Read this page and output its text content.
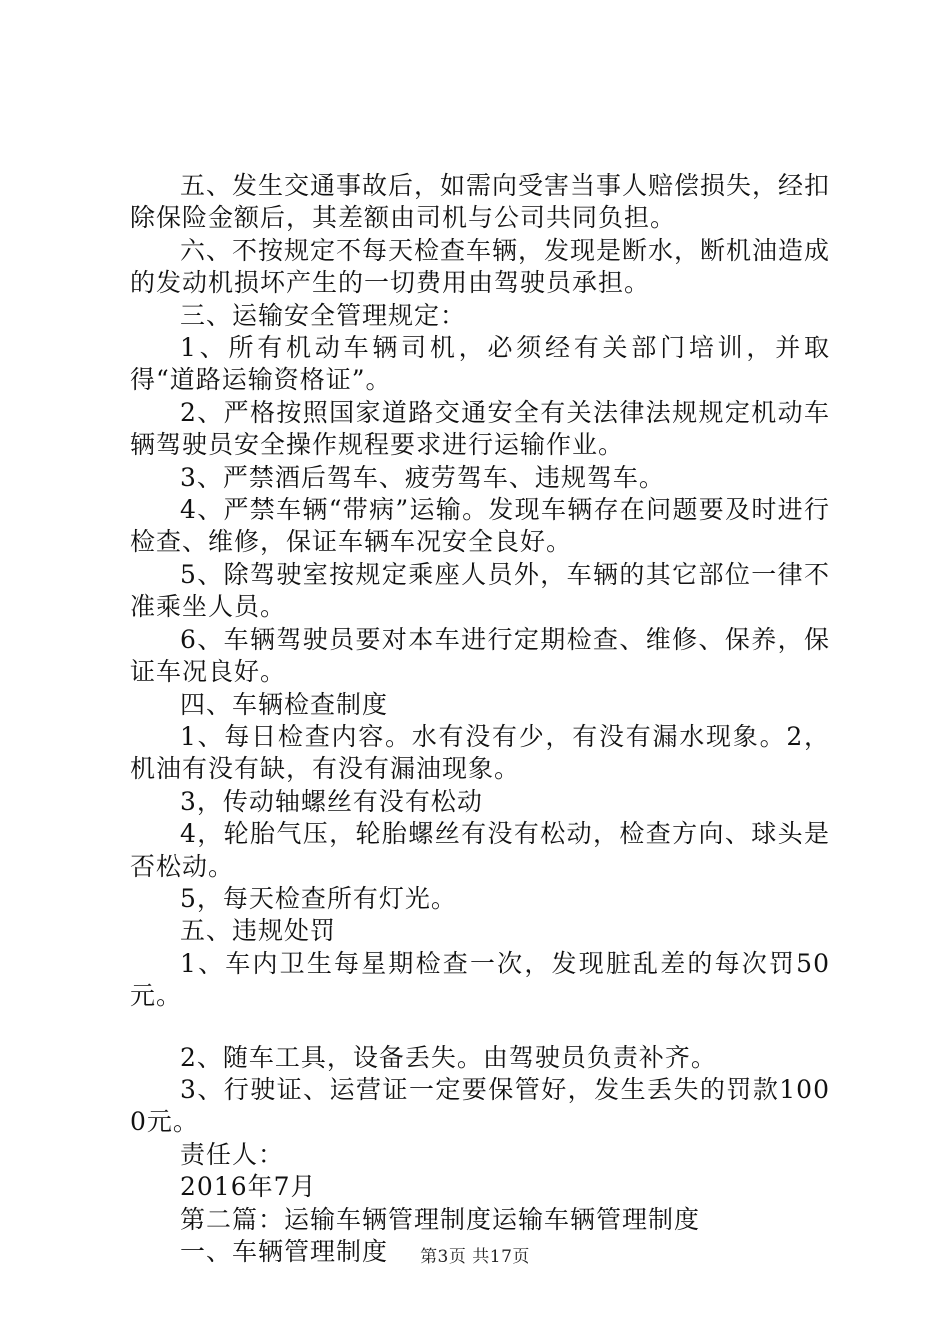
五、发生交通事故后，如需向受害当事人赔偿损失，经扣除保险金额后，其差额由司机与公司共同负担。

六、不按规定不每天检查车辆，发现是断水，断机油造成的发动机损坏产生的一切费用由驾驶员承担。

三、运输安全管理规定：

1、所有机动车辆司机，必须经有关部门培训，并取得“道路运输资格证”。

2、严格按照国家道路交通安全有关法律法规规定机动车辆驾驶员安全操作规程要求进行运输作业。

3、严禁酒后驾车、疲劳驾车、违规驾车。

4、严禁车辆“带病”运输。发现车辆存在问题要及时进行检查、维修，保证车辆车况安全良好。

5、除驾驶室按规定乘座人员外，车辆的其它部位一律不准乘坐人员。

6、车辆驾驶员要对本车进行定期检查、维修、保养，保证车况良好。

四、车辆检查制度

1、每日检查内容。水有没有少，有没有漏水现象。2，机油有没有缺，有没有漏油现象。

3，传动轴螺丝有没有松动

4，轮胎气压，轮胎螺丝有没有松动，检查方向、球头是否松动。

5，每天检查所有灯光。

五、违规处罚

1、车内卫生每星期检查一次，发现脏乱差的每次罚50元。

2、随车工具，设备丢失。由驾驶员负责补齐。

3、行驶证、运营证一定要保管好，发生丢失的罚款1000元。

责任人：

2016年7月

第二篇：运输车辆管理制度运输车辆管理制度

一、车辆管理制度	第3页 共17页
